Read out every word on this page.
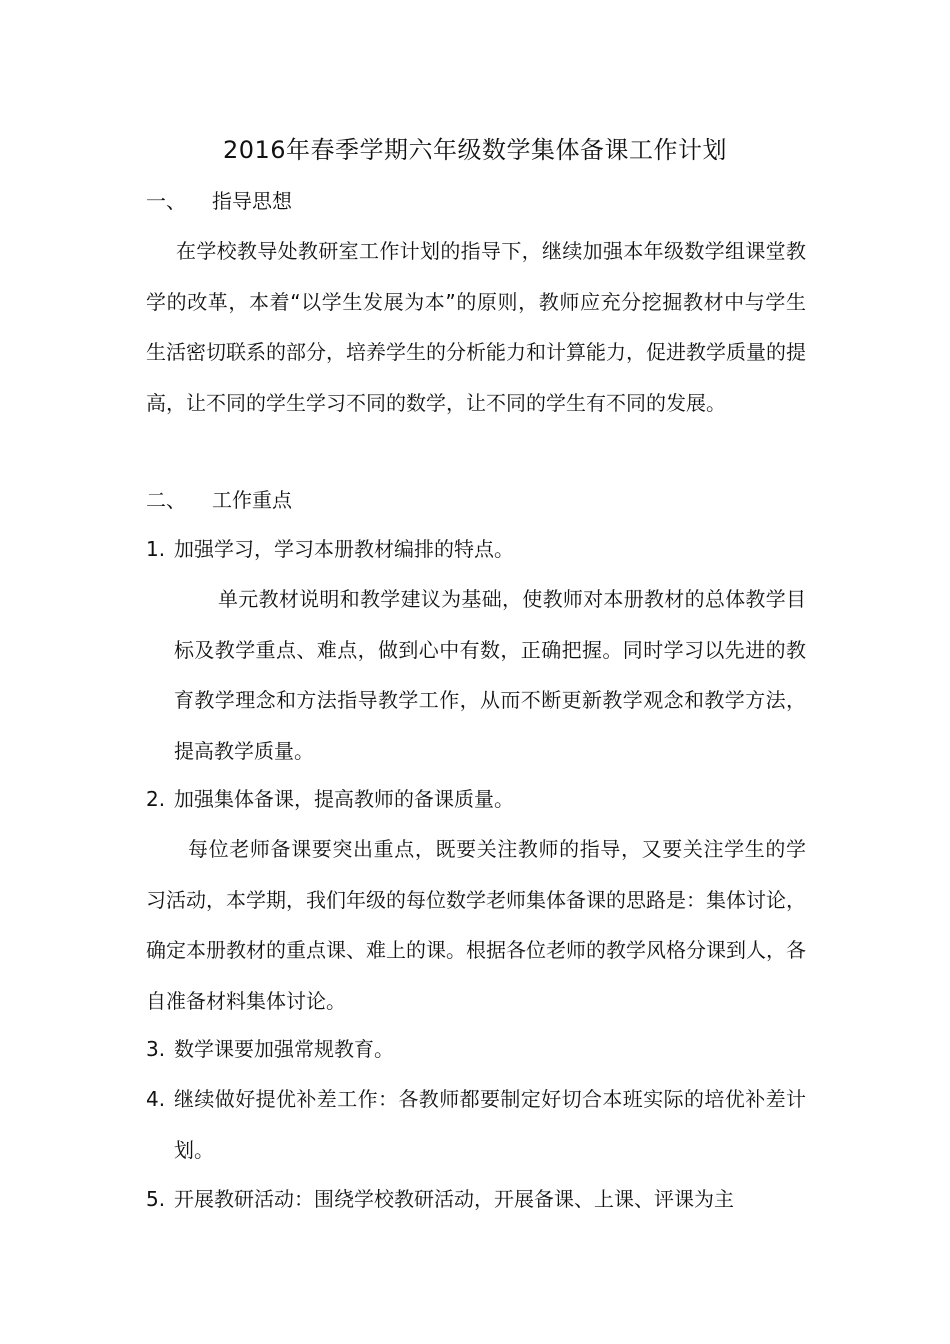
2016年春季学期六年级数学集体备课工作计划
一、 指导思想

在学校教导处教研室工作计划的指导下，继续加强本年级数学组课堂教学的改革，本着“以学生发展为本”的原则，教师应充分挖掘教材中与学生生活密切联系的部分，培养学生的分析能力和计算能力，促进教学质量的提高，让不同的学生学习不同的数学，让不同的学生有不同的发展。

二、 工作重点
1. 加强学习，学习本册教材编排的特点。

单元教材说明和教学建议为基础，使教师对本册教材的总体教学目标及教学重点、难点，做到心中有数，正确把握。同时学习以先进的教育教学理念和方法指导教学工作，从而不断更新教学观念和教学方法，提高教学质量。

2. 加强集体备课，提高教师的备课质量。

每位老师备课要突出重点，既要关注教师的指导，又要关注学生的学习活动，本学期，我们年级的每位数学老师集体备课的思路是：集体讨论，确定本册教材的重点课、难上的课。根据各位老师的教学风格分课到人，各自准备材料集体讨论。

3. 数学课要加强常规教育。
4. 继续做好提优补差工作：各教师都要制定好切合本班实际的培优补差计划。
5. 开展教研活动：围绕学校教研活动，开展备课、上课、评课为主
